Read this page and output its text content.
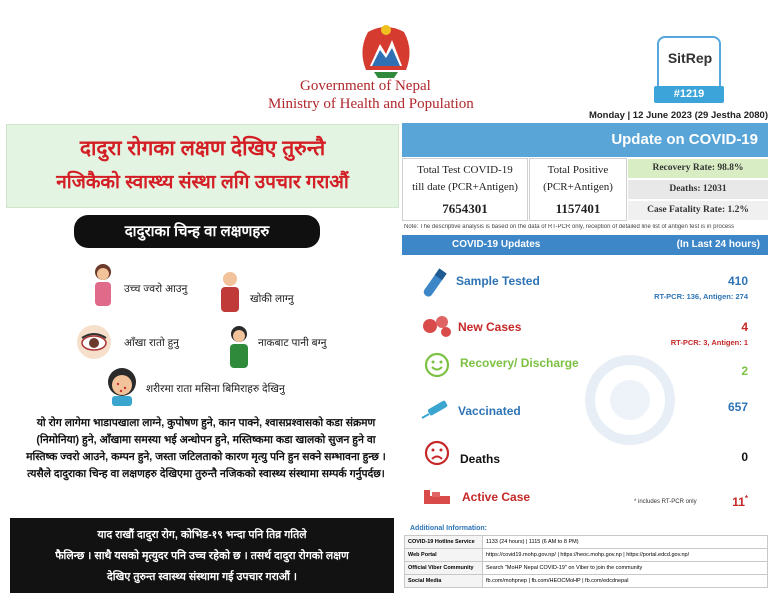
Government of Nepal
Ministry of Health and Population
SitRep
#1219
Monday | 12 June 2023 (29 Jestha 2080)
दादुरा रोगका लक्षण देखिए तुरुन्तै
नजिकैको स्वास्थ्य संस्था लगि उपचार गराऔं
दादुराका चिन्ह वा लक्षणहरु
उच्च ज्वरो आउनु
खोकी लाग्नु
आँखा रातो हुनु	नाकबाट पानी बग्नु
शरीरमा राता मसिना बिमिराहरु देखिनु
यो रोग लागेमा भाडापखाला लाग्ने, कुपोषण हुने, कान पाक्ने, श्वासप्रश्वासको कडा संक्रमण (निमोनिया) हुने, आँखामा समस्या भई अन्धोपन हुने, मस्तिष्कमा कडा खालको सुजन हुने वा मस्तिष्क ज्वरो आउने, कम्पन हुने, जस्ता जटिलताको कारण मृत्यु पनि हुन सक्ने सम्भावना हुन्छ । त्यसैले दादुराका चिन्ह वा लक्षणहरु देखिएमा तुरुन्तै नजिकको स्वास्थ्य संस्थामा सम्पर्क गर्नुपर्दछ।
याद राखौं दादुरा रोग, कोभिड-१९ भन्दा पनि तिव्र गतिले
फैलिन्छ । साथै यसको मृत्युदर पनि उच्च रहेको छ । तसर्थ दादुरा रोगको लक्षण
देखिए तुरुन्त स्वास्थ्य संस्थामा गई उपचार गराऔं ।
Update on COVID-19
Total Test COVID-19
till date (PCR+Antigen)
7654301
Total Positive
(PCR+Antigen)
1157401
Recovery Rate: 98.8%
Deaths: 12031
Case Fatality Rate: 1.2%
Note: The descriptive analysis is based on the data of RT-PCR only, reception of detailed line list of antigen test is in process
COVID-19 Updates	(In Last 24 hours)
Sample Tested	410
RT-PCR: 136, Antigen: 274
New Cases	4
RT-PCR: 3, Antigen: 1
Recovery/ Discharge
2
Vaccinated	657
Deaths	0
Active Case	* includes RT-PCR only	11*
Additional Information:
COVID-19 Hotline Service	1133 (24 hours) | 1115 (6 AM to 8 PM)
Web Portal	https://covid19.mohp.gov.np/ | https://heoc.mohp.gov.np | https://portal.edcd.gov.np/
Official Viber Community	Search "MoHP Nepal COVID-19" on Viber to join the community
Social Media	fb.com/mohpnep | fb.com/HEOCMoHP | fb.com/edcdnepal
